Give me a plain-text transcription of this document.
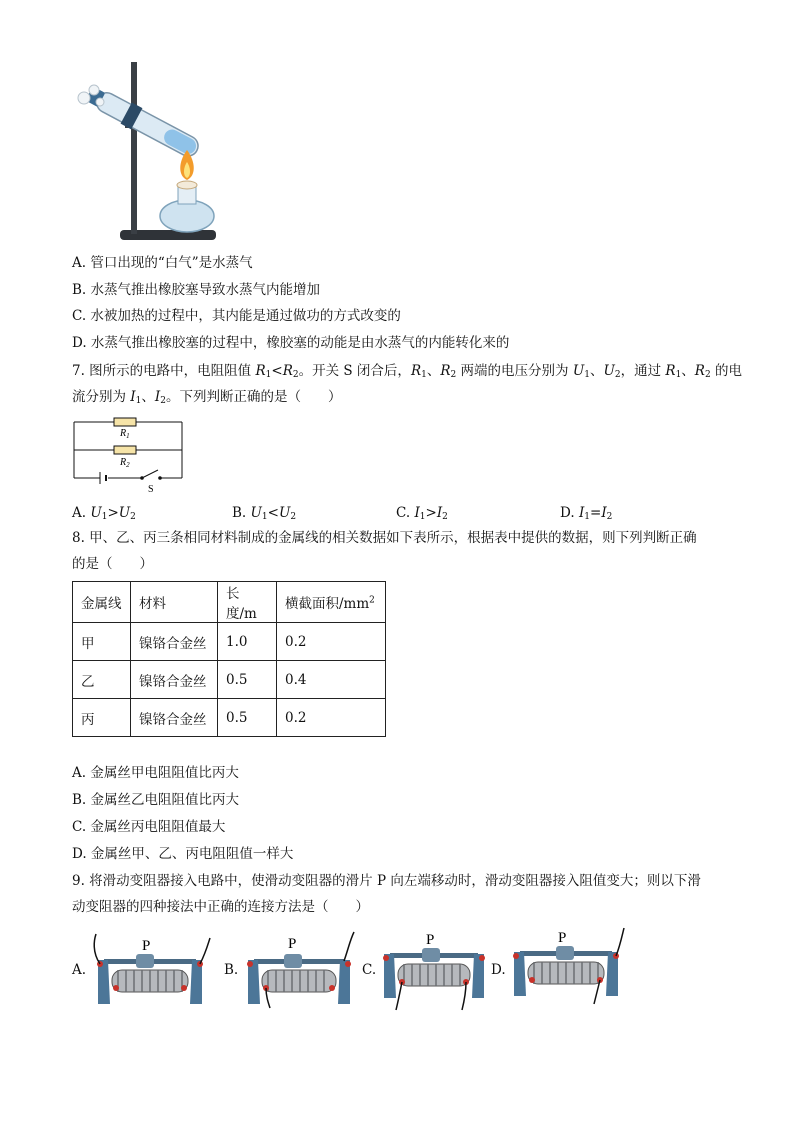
A. 管口出现的“白气”是水蒸气
B. 水蒸气推出橡胶塞导致水蒸气内能增加
C. 水被加热的过程中，其内能是通过做功的方式改变的
D. 水蒸气推出橡胶塞的过程中，橡胶塞的动能是由水蒸气的内能转化来的
7. 图所示的电路中，电阻阻值 $R_1<R_2$。开关 S 闭合后，$R_1$、$R_2$ 两端的电压分别为 $U_1$、$U_2$，通过 $R_1$、$R_2$ 的电
流分别为 $I_1$、$I_2$。下列判断正确的是（　　）
$R_1$
$R_2$
S
A. $U_1>U_2$	B. $U_1<U_2$	C. $I_1>I_2$	D. $I_1=I_2$
8. 甲、乙、丙三条相同材料制成的金属线的相关数据如下表所示，根据表中提供的数据，则下列判断正确
的是（　　）
金属线	材料	长度/m	横截面积$/mm^2$
甲	镍铬合金丝	1.0	0.2
乙	镍铬合金丝	0.5	0.4
丙	镍铬合金丝	0.5	0.2
A. 金属丝甲电阻阻值比丙大
B. 金属丝乙电阻阻值比丙大
C. 金属丝丙电阻阻值最大
D. 金属丝甲、乙、丙电阻阻值一样大
9. 将滑动变阻器接入电路中，使滑动变阻器的滑片 P 向左端移动时，滑动变阻器接入阻值变大；则以下滑
动变阻器的四种接法中正确的连接方法是（　　）
A.	B.	C.	D.
P	P	P	P
